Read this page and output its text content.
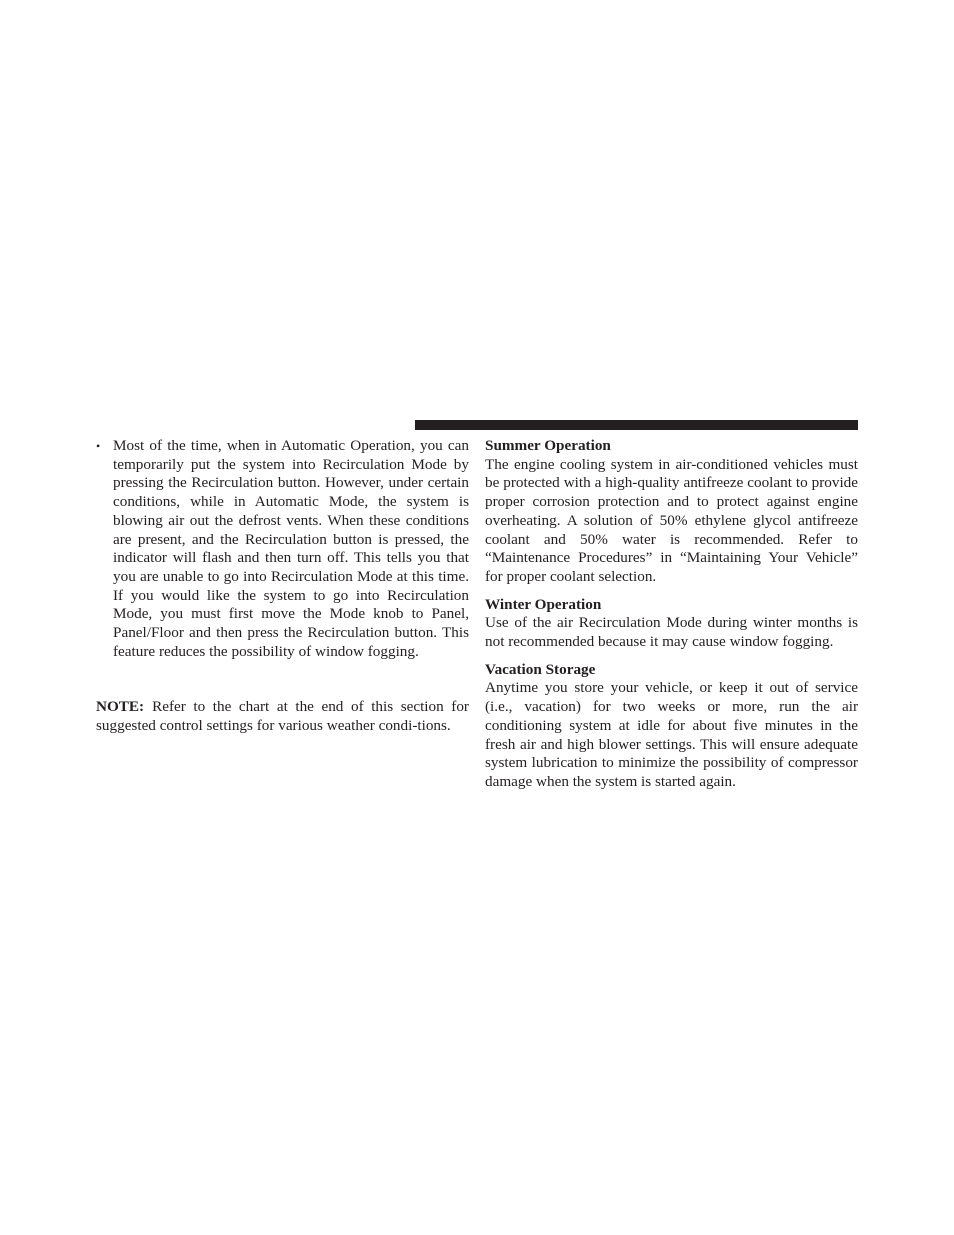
• Most of the time, when in Automatic Operation, you can temporarily put the system into Recirculation Mode by pressing the Recirculation button. However, under certain conditions, while in Automatic Mode, the system is blowing air out the defrost vents. When these conditions are present, and the Recirculation button is pressed, the indicator will flash and then turn off. This tells you that you are unable to go into Recirculation Mode at this time. If you would like the system to go into Recirculation Mode, you must first move the Mode knob to Panel, Panel/Floor and then press the Recirculation button. This feature reduces the possibility of window fogging.

NOTE: Refer to the chart at the end of this section for suggested control settings for various weather condi-tions.

Summer Operation

The engine cooling system in air-conditioned vehicles must be protected with a high-quality antifreeze coolant to provide proper corrosion protection and to protect against engine overheating. A solution of 50% ethylene glycol antifreeze coolant and 50% water is recommended. Refer to “Maintenance Procedures” in “Maintaining Your Vehicle” for proper coolant selection.

Winter Operation

Use of the air Recirculation Mode during winter months is not recommended because it may cause window fogging.

Vacation Storage

Anytime you store your vehicle, or keep it out of service (i.e., vacation) for two weeks or more, run the air conditioning system at idle for about five minutes in the fresh air and high blower settings. This will ensure adequate system lubrication to minimize the possibility of compressor damage when the system is started again.
